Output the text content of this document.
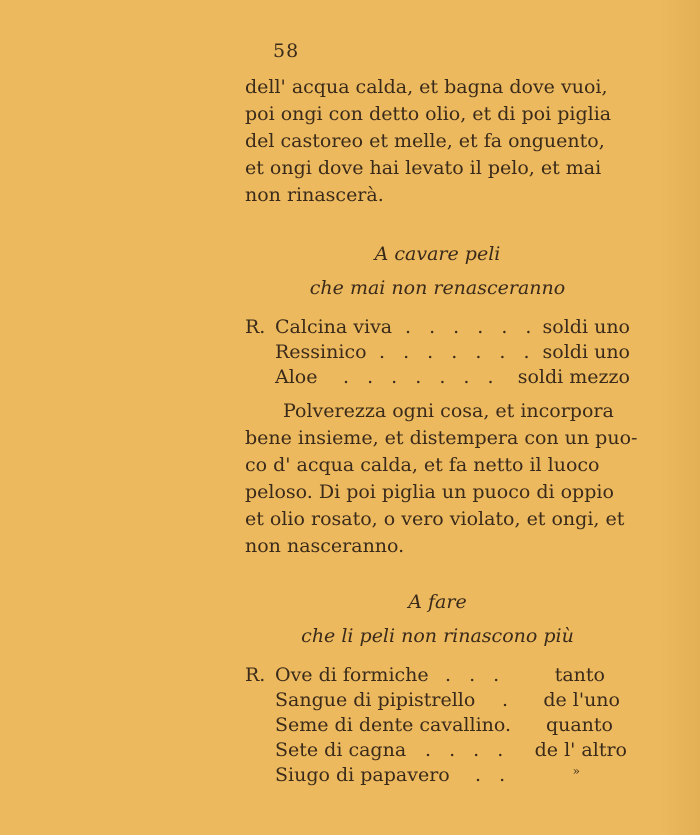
58
dell' acqua calda, et bagna dove vuoi,
poi ongi con detto olio, et di poi piglia
del castoreo et melle, et fa onguento,
et ongi dove hai levato il pelo, et mai
non rinascerà.
A cavare peli
che mai non renasceranno
R. Calcina viva . . . . . . soldi uno
Ressinico . . . . . . . soldi uno
Aloe . . . . . . . soldi mezzo
Polverezza ogni cosa, et incorpora
bene insieme, et distempera con un puo-
co d' acqua calda, et fa netto il luoco
peloso. Di poi piglia un puoco di oppio
et olio rosato, o vero violato, et ongi, et
non nasceranno.
A fare
che li peli non rinascono più
R. Ove di formiche . . .	tanto
Sangue di pipistrello . de l'uno
Seme di dente cavallino. quanto
Sete di cagna . . . . de l' altro
Siugo di papavero . .	»
